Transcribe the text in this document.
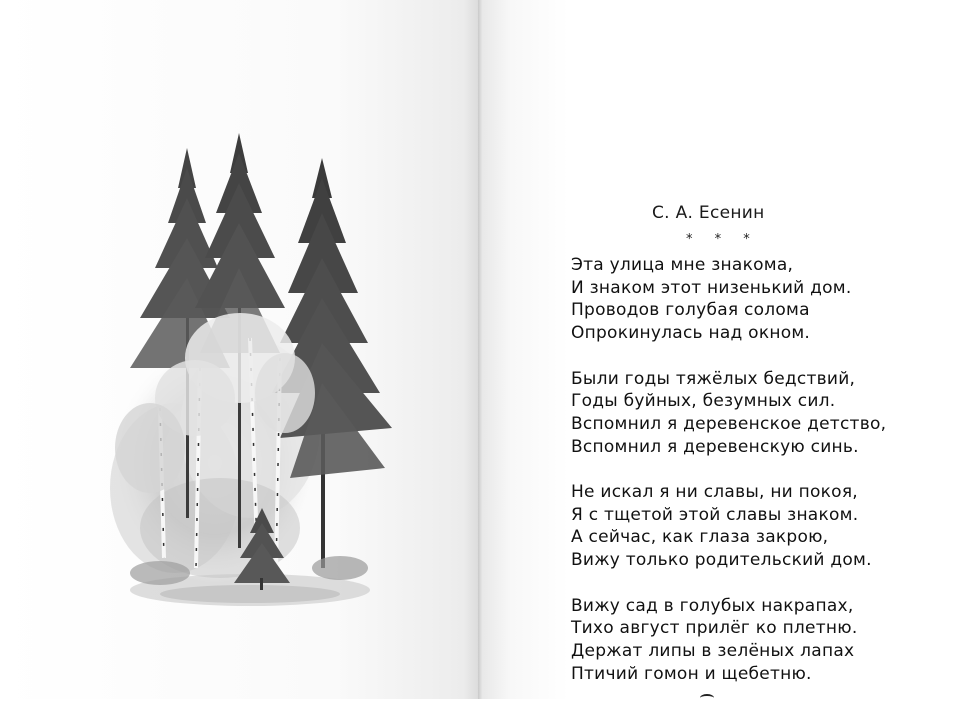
С. А. Есенин
* * *
Эта улица мне знакома,
И знаком этот низенький дом.
Проводов голубая солома
Опрокинулась над окном.
Были годы тяжёлых бедствий,
Годы буйных, безумных сил.
Вспомнил я деревенское детство,
Вспомнил я деревенскую синь.
Не искал я ни славы, ни покоя,
Я с тщетой этой славы знаком.
А сейчас, как глаза закрою,
Вижу только родительский дом.
Вижу сад в голубых накрапах,
Тихо август прилёг ко плетню.
Держат липы в зелёных лапах
Птичий гомон и щебетню.
